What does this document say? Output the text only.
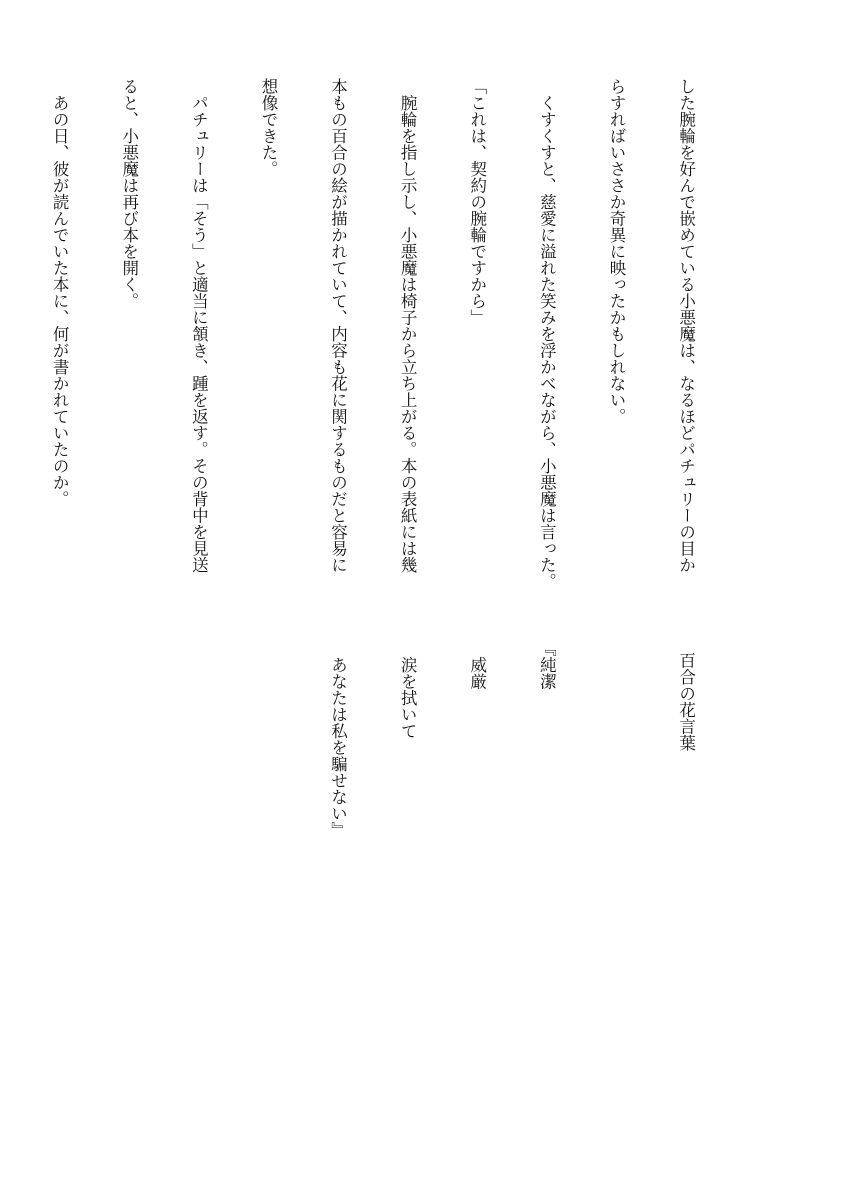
した腕輪を好んで嵌めている小悪魔は、なるほどパチュリーの目か

らすればいささか奇異に映ったかもしれない。

　くすくすと、慈愛に溢れた笑みを浮かべながら、小悪魔は言った。

「これは、契約の腕輪ですから」

　腕輪を指し示し、小悪魔は椅子から立ち上がる。本の表紙には幾

本もの百合の絵が描かれていて、内容も花に関するものだと容易に

想像できた。

　パチュリーは「そう」と適当に頷き、踵を返す。その背中を見送

ると、小悪魔は再び本を開く。

　あの日、彼が読んでいた本に、何が書かれていたのか。

百合の花言葉

『純潔

　威厳

　涙を拭いて

　あなたは私を騙せない』
